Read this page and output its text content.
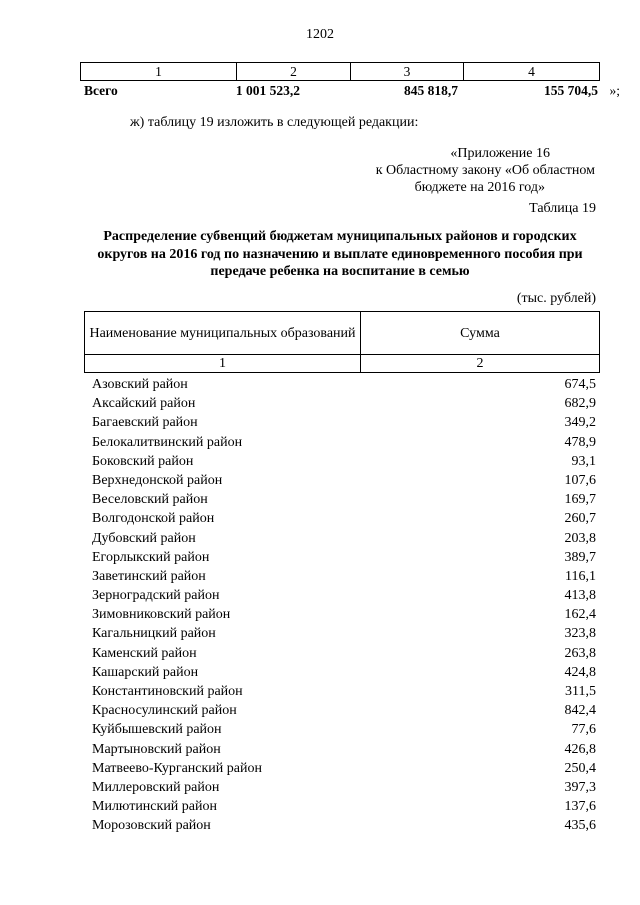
1202
1	2	3	4
Всего	1 001 523,2	845 818,7	155 704,5 »;
ж) таблицу 19 изложить в следующей редакции:
«Приложение 16
к Областному закону «Об областном
бюджете на 2016 год»
Таблица 19
Распределение субвенций бюджетам муниципальных районов и городских округов на 2016 год по назначению и выплате единовременного пособия при передаче ребенка на воспитание в семью
(тыс. рублей)
Наименование муниципальных образований	Сумма
1	2
Азовский район	674,5
Аксайский район	682,9
Багаевский район	349,2
Белокалитвинский район	478,9
Боковский район	93,1
Верхнедонской район	107,6
Веселовский район	169,7
Волгодонской район	260,7
Дубовский район	203,8
Егорлыкский район	389,7
Заветинский район	116,1
Зерноградский район	413,8
Зимовниковский район	162,4
Кагальницкий район	323,8
Каменский район	263,8
Кашарский район	424,8
Константиновский район	311,5
Красносулинский район	842,4
Куйбышевский район	77,6
Мартыновский район	426,8
Матвеево-Курганский район	250,4
Миллеровский район	397,3
Милютинский район	137,6
Морозовский район	435,6
